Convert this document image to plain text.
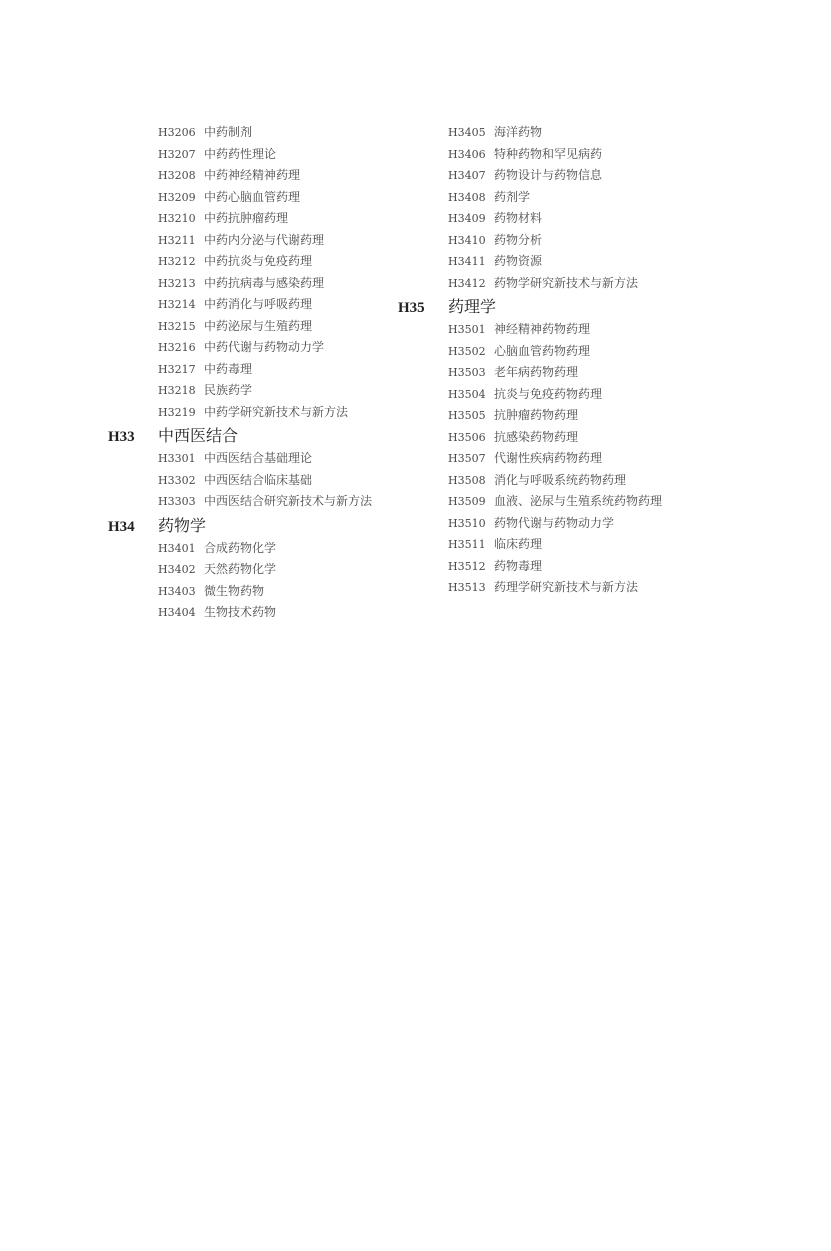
H3206 中药制剂
H3207 中药药性理论
H3208 中药神经精神药理
H3209 中药心脑血管药理
H3210 中药抗肿瘤药理
H3211 中药内分泌与代谢药理
H3212 中药抗炎与免疫药理
H3213 中药抗病毒与感染药理
H3214 中药消化与呼吸药理
H3215 中药泌尿与生殖药理
H3216 中药代谢与药物动力学
H3217 中药毒理
H3218 民族药学
H3219 中药学研究新技术与新方法
H33 中西医结合
H3301 中西医结合基础理论
H3302 中西医结合临床基础
H3303 中西医结合研究新技术与新方法
H34 药物学
H3401 合成药物化学
H3402 天然药物化学
H3403 微生物药物
H3404 生物技术药物
H3405 海洋药物
H3406 特种药物和罕见病药
H3407 药物设计与药物信息
H3408 药剂学
H3409 药物材料
H3410 药物分析
H3411 药物资源
H3412 药物学研究新技术与新方法
H35 药理学
H3501 神经精神药物药理
H3502 心脑血管药物药理
H3503 老年病药物药理
H3504 抗炎与免疫药物药理
H3505 抗肿瘤药物药理
H3506 抗感染药物药理
H3507 代谢性疾病药物药理
H3508 消化与呼吸系统药物药理
H3509 血液、泌尿与生殖系统药物药理
H3510 药物代谢与药物动力学
H3511 临床药理
H3512 药物毒理
H3513 药理学研究新技术与新方法
